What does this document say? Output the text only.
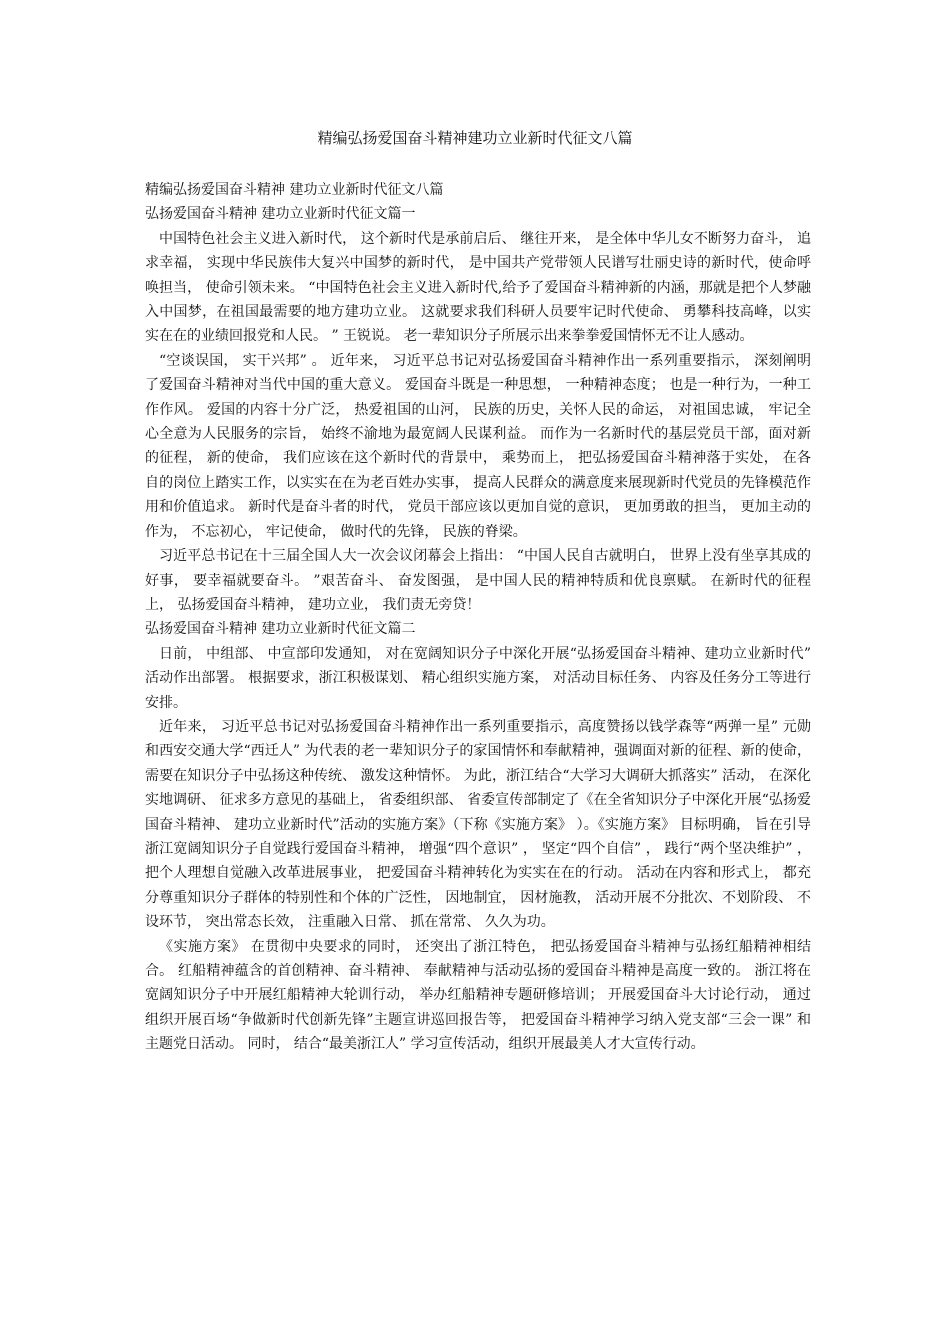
精编弘扬爱国奋斗精神建功立业新时代征文八篇
精编弘扬爱国奋斗精神 建功立业新时代征文八篇
弘扬爱国奋斗精神 建功立业新时代征文篇一

中国特色社会主义进入新时代， 这个新时代是承前启后、 继往开来， 是全体中华儿女不断努力奋斗， 追求幸福， 实现中华民族伟大复兴中国梦的新时代， 是中国共产党带领人民谱写壮丽史诗的新时代，使命呼唤担当， 使命引领未来。 “中国特色社会主义进入新时代,给予了爱国奋斗精神新的内涵，那就是把个人梦融入中国梦，在祖国最需要的地方建功立业。 这就要求我们科研人员要牢记时代使命、 勇攀科技高峰，以实实在在的业绩回报党和人民。 ” 王锐说。 老一辈知识分子所展示出来拳拳爱国情怀无不让人感动。

“空谈误国， 实干兴邦” 。 近年来， 习近平总书记对弘扬爱国奋斗精神作出一系列重要指示， 深刻阐明了爱国奋斗精神对当代中国的重大意义。 爱国奋斗既是一种思想， 一种精神态度； 也是一种行为，一种工作作风。 爱国的内容十分广泛， 热爱祖国的山河， 民族的历史，关怀人民的命运， 对祖国忠诚， 牢记全心全意为人民服务的宗旨， 始终不渝地为最宽阔人民谋利益。 而作为一名新时代的基层党员干部，面对新的征程， 新的使命， 我们应该在这个新时代的背景中， 乘势而上， 把弘扬爱国奋斗精神落于实处， 在各自的岗位上踏实工作，以实实在在为老百姓办实事， 提高人民群众的满意度来展现新时代党员的先锋模范作用和价值追求。 新时代是奋斗者的时代， 党员干部应该以更加自觉的意识， 更加勇敢的担当， 更加主动的作为， 不忘初心， 牢记使命， 做时代的先锋， 民族的脊梁。

习近平总书记在十三届全国人大一次会议闭幕会上指出： “中国人民自古就明白， 世界上没有坐享其成的好事， 要幸福就要奋斗。 ”艰苦奋斗、 奋发图强， 是中国人民的精神特质和优良禀赋。 在新时代的征程上， 弘扬爱国奋斗精神， 建功立业， 我们责无旁贷！

弘扬爱国奋斗精神 建功立业新时代征文篇二

日前， 中组部、 中宣部印发通知， 对在宽阔知识分子中深化开展“弘扬爱国奋斗精神、建功立业新时代” 活动作出部署。 根据要求，浙江积极谋划、 精心组织实施方案， 对活动目标任务、 内容及任务分工等进行安排。

近年来， 习近平总书记对弘扬爱国奋斗精神作出一系列重要指示，高度赞扬以钱学森等“两弹一星” 元勋和西安交通大学“西迁人” 为代表的老一辈知识分子的家国情怀和奉献精神，强调面对新的征程、新的使命， 需要在知识分子中弘扬这种传统、 激发这种情怀。 为此，浙江结合“大学习大调研大抓落实” 活动， 在深化实地调研、 征求多方意见的基础上， 省委组织部、 省委宣传部制定了《在全省知识分子中深化开展“弘扬爱国奋斗精神、 建功立业新时代”活动的实施方案》（下称《实施方案》 ）。《实施方案》 目标明确， 旨在引导浙江宽阔知识分子自觉践行爱国奋斗精神， 增强“四个意识” ， 坚定“四个自信” ， 践行“两个坚决维护” ， 把个人理想自觉融入改革进展事业， 把爱国奋斗精神转化为实实在在的行动。 活动在内容和形式上， 都充分尊重知识分子群体的特别性和个体的广泛性， 因地制宜， 因材施教， 活动开展不分批次、不划阶段、 不设环节， 突出常态长效， 注重融入日常、 抓在常常、 久久为功。

《实施方案》 在贯彻中央要求的同时， 还突出了浙江特色， 把弘扬爱国奋斗精神与弘扬红船精神相结合。 红船精神蕴含的首创精神、奋斗精神、 奉献精神与活动弘扬的爱国奋斗精神是高度一致的。 浙江将在宽阔知识分子中开展红船精神大轮训行动， 举办红船精神专题研修培训； 开展爱国奋斗大讨论行动， 通过组织开展百场“争做新时代创新先锋”主题宣讲巡回报告等， 把爱国奋斗精神学习纳入党支部“三会一课” 和主题党日活动。 同时， 结合“最美浙江人” 学习宣传活动，组织开展最美人才大宣传行动。
